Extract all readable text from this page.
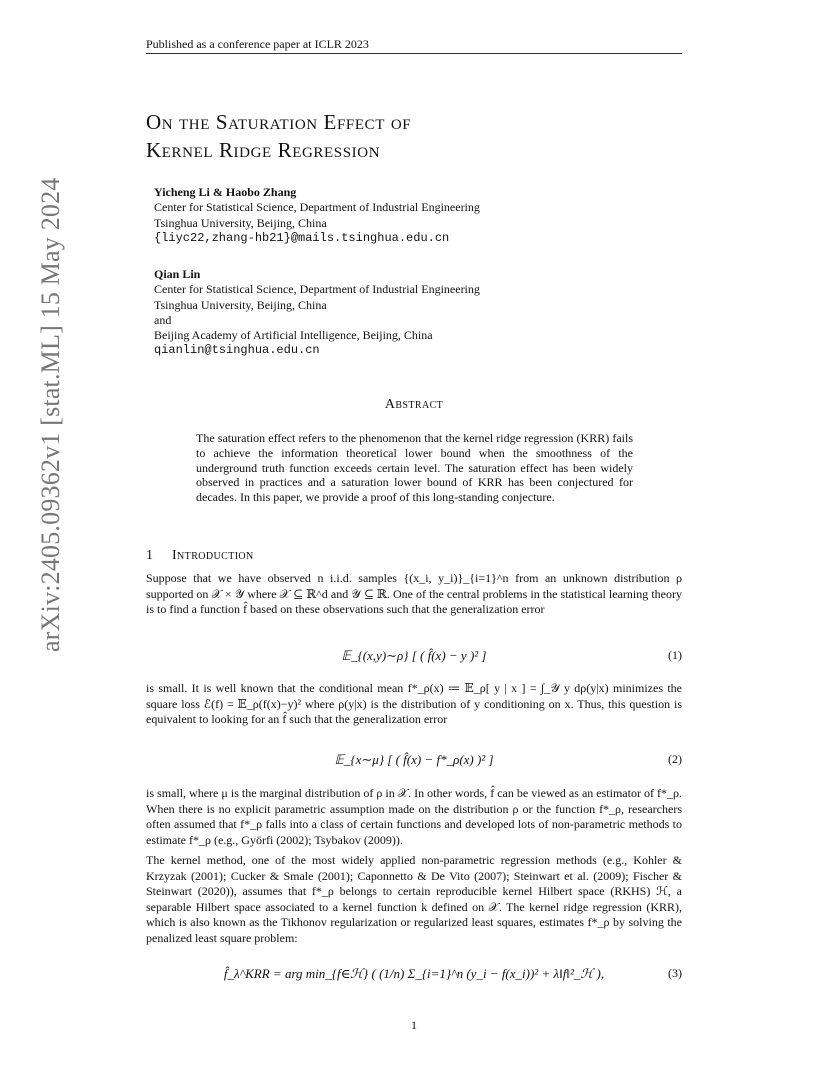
Published as a conference paper at ICLR 2023
arXiv:2405.09362v1 [stat.ML] 15 May 2024
On the Saturation Effect of
Kernel Ridge Regression
Yicheng Li & Haobo Zhang
Center for Statistical Science, Department of Industrial Engineering
Tsinghua University, Beijing, China
{liyc22,zhang-hb21}@mails.tsinghua.edu.cn
Qian Lin
Center for Statistical Science, Department of Industrial Engineering
Tsinghua University, Beijing, China
and
Beijing Academy of Artificial Intelligence, Beijing, China
qianlin@tsinghua.edu.cn
Abstract
The saturation effect refers to the phenomenon that the kernel ridge regression (KRR) fails to achieve the information theoretical lower bound when the smoothness of the underground truth function exceeds certain level. The saturation effect has been widely observed in practices and a saturation lower bound of KRR has been conjectured for decades. In this paper, we provide a proof of this long-standing conjecture.
1 Introduction
Suppose that we have observed n i.i.d. samples {(x_i, y_i)}_{i=1}^n from an unknown distribution ρ supported on 𝒳 × 𝒴 where 𝒳 ⊆ ℝ^d and 𝒴 ⊆ ℝ. One of the central problems in the statistical learning theory is to find a function f̂ based on these observations such that the generalization error
𝔼_{(x,y)∼ρ} [ ( f̂(x) − y )² ]	(1)
is small. It is well known that the conditional mean f*_ρ(x) ≔ 𝔼_ρ[ y | x ] = ∫_𝒴 y dρ(y|x) minimizes the square loss ℰ(f) = 𝔼_ρ(f(x)−y)² where ρ(y|x) is the distribution of y conditioning on x. Thus, this question is equivalent to looking for an f̂ such that the generalization error
𝔼_{x∼μ} [ ( f̂(x) − f*_ρ(x) )² ]	(2)
is small, where μ is the marginal distribution of ρ in 𝒳. In other words, f̂ can be viewed as an estimator of f*_ρ. When there is no explicit parametric assumption made on the distribution ρ or the function f*_ρ, researchers often assumed that f*_ρ falls into a class of certain functions and developed lots of non-parametric methods to estimate f*_ρ (e.g., Györfi (2002); Tsybakov (2009)).
The kernel method, one of the most widely applied non-parametric regression methods (e.g., Kohler & Krzyzak (2001); Cucker & Smale (2001); Caponnetto & De Vito (2007); Steinwart et al. (2009); Fischer & Steinwart (2020)), assumes that f*_ρ belongs to certain reproducible kernel Hilbert space (RKHS) ℋ, a separable Hilbert space associated to a kernel function k defined on 𝒳. The kernel ridge regression (KRR), which is also known as the Tikhonov regularization or regularized least squares, estimates f*_ρ by solving the penalized least square problem:
f̂_λ^KRR = arg min_{f∈ℋ} ( (1/n) Σ_{i=1}^n (y_i − f(x_i))² + λ‖f‖²_ℋ ),	(3)
1
